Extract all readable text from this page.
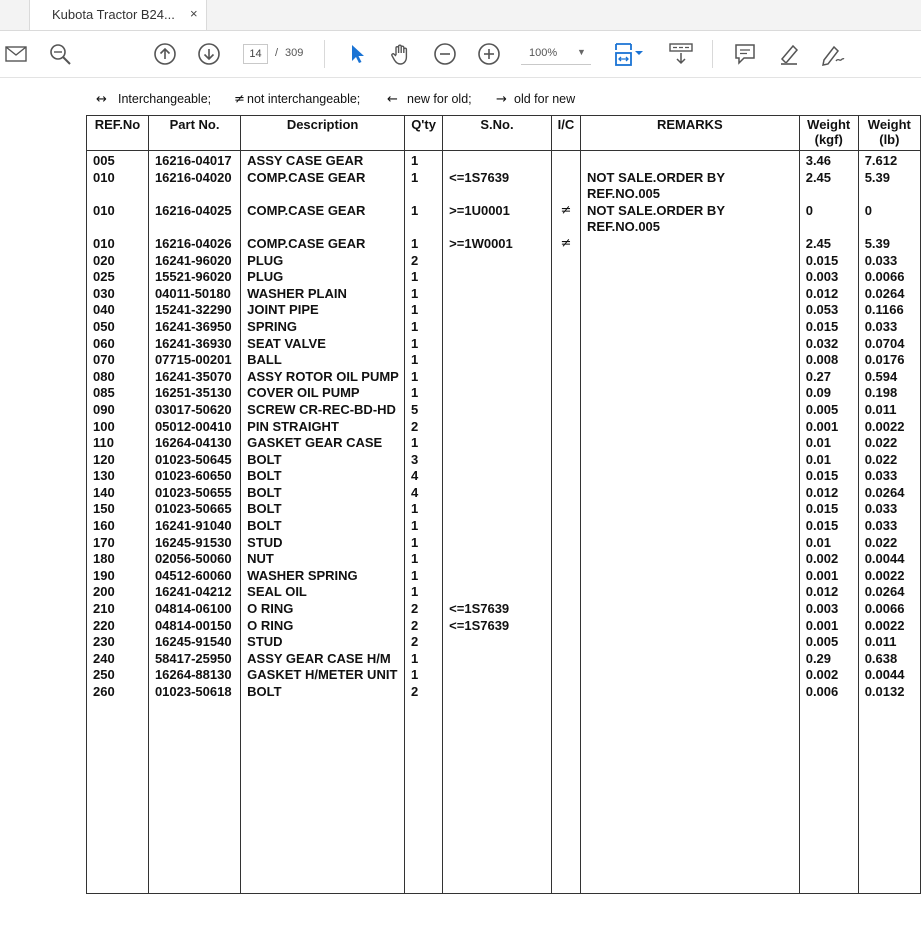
Kubota Tractor B24... ×
14	/ 309	100% ▼
↔ Interchangeable; ≠ not interchangeable; ← new for old; → old for new
REF.No	Part No.	Description	Q'ty	S.No.	I/C	REMARKS	Weight (kgf)	Weight (lb)
005	16216-04017	ASSY CASE GEAR	1				3.46	7.612
010	16216-04020	COMP.CASE GEAR	1	<=1S7639		NOT SALE.ORDER BY REF.NO.005	2.45	5.39
010	16216-04025	COMP.CASE GEAR	1	>=1U0001	≠	NOT SALE.ORDER BY REF.NO.005	0	0
010	16216-04026	COMP.CASE GEAR	1	>=1W0001	≠		2.45	5.39
020	16241-96020	PLUG	2				0.015	0.033
025	15521-96020	PLUG	1				0.003	0.0066
030	04011-50180	WASHER PLAIN	1				0.012	0.0264
040	15241-32290	JOINT PIPE	1				0.053	0.1166
050	16241-36950	SPRING	1				0.015	0.033
060	16241-36930	SEAT VALVE	1				0.032	0.0704
070	07715-00201	BALL	1				0.008	0.0176
080	16241-35070	ASSY ROTOR OIL PUMP	1				0.27	0.594
085	16251-35130	COVER OIL PUMP	1				0.09	0.198
090	03017-50620	SCREW CR-REC-BD-HD	5				0.005	0.011
100	05012-00410	PIN STRAIGHT	2				0.001	0.0022
110	16264-04130	GASKET GEAR CASE	1				0.01	0.022
120	01023-50645	BOLT	3				0.01	0.022
130	01023-60650	BOLT	4				0.015	0.033
140	01023-50655	BOLT	4				0.012	0.0264
150	01023-50665	BOLT	1				0.015	0.033
160	16241-91040	BOLT	1				0.015	0.033
170	16245-91530	STUD	1				0.01	0.022
180	02056-50060	NUT	1				0.002	0.0044
190	04512-60060	WASHER SPRING	1				0.001	0.0022
200	16241-04212	SEAL OIL	1				0.012	0.0264
210	04814-06100	O RING	2	<=1S7639			0.003	0.0066
220	04814-00150	O RING	2	<=1S7639			0.001	0.0022
230	16245-91540	STUD	2				0.005	0.011
240	58417-25950	ASSY GEAR CASE H/M	1				0.29	0.638
250	16264-88130	GASKET H/METER UNIT	1				0.002	0.0044
260	01023-50618	BOLT	2				0.006	0.0132
